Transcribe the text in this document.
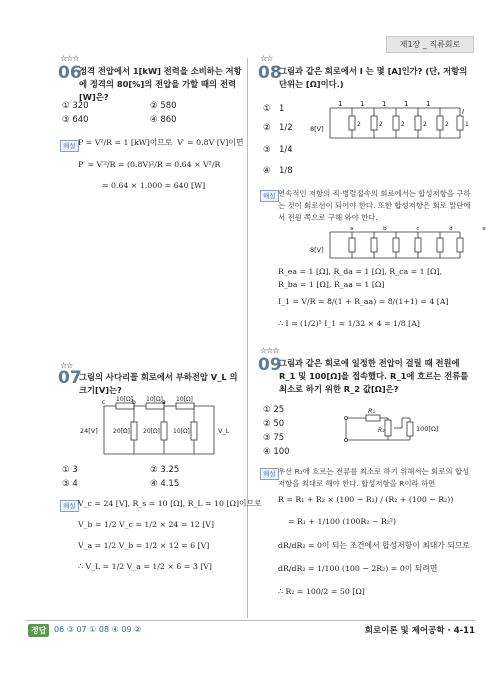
제1장 _ 직류회로
☆☆☆
06
정격 전압에서 1[kW] 전력을 소비하는 저항에 정격의 80[%]의 전압을 가할 때의 전력[W]은?
① 320	② 580
③ 640	④ 860
해설 P = V²/R = 1 [kW]이므로  V′ = 0.8V [V]이면
P′ = V′²/R = (0.8V)²/R = 0.64 × V²/R
= 0.64 × 1,000 = 640 [W]
☆☆
07
그림의 사다리꼴 회로에서 부하전압 V_L 의 크기[V]는?
c	b	a
10[Ω] 10[Ω] 10[Ω]
24[V]	20[Ω] 20[Ω] 10[Ω]	V_L
① 3	② 3.25
③ 4	④ 4.15
해설 V_c = 24 [V], R_s = 10 [Ω], R_L = 10 [Ω]이므로
V_b = 1/2 V_c = 1/2 × 24 = 12 [V]
V_a = 1/2 V_b = 1/2 × 12 = 6 [V]
∴ V_L = 1/2 V_a = 1/2 × 6 = 3 [V]
☆☆
08
그림과 같은 회로에서 I 는 몇 [A]인가? (단, 저항의 단위는 [Ω]이다.)
① 1
② 1/2
③ 1/4
④ 1/8
8[V]
1	1	1	1	1
2	2	2	2	2	1
I
해설 연속적인 저항의 직·병렬접속의 회로에서는 합성저항을 구하는 것이 회로선이 되어야 한다. 또한 합성저항은 회로 말단에서 전원 쪽으로 구해 와야 한다.
8[V]
a b c d e
R_ea = 1 [Ω], R_da = 1 [Ω], R_ca = 1 [Ω],
R_ba = 1 [Ω], R_aa = 1 [Ω]
I_1 = V/R = 8/(1 + R_aa) = 8/(1+1) = 4 [A]
∴ I = (1/2)⁵ I_1 = 1/32 × 4 = 1/8 [A]
☆☆☆
09
그림과 같은 회로에 일정한 전압이 걸릴 때 전원에 R_1 및 100[Ω]을 접속했다. R_1에 흐르는 전류를 최소로 하기 위한 R_2 값[Ω]은?
① 25
② 50
③ 75
④ 100
R₁
R₂	100[Ω]
해설 우선 R₁에 흐르는 전류를 최소로 하기 위해서는 회로의 합성저항을 최대로 해야 한다. 합성저항을 R이라 하면
R = R₁ + R₂ × (100 − R₂) / (R₂ + (100 − R₂))
= R₁ + 1/100 (100R₂ − R₂²)
dR/dR₂ = 0이 되는 조건에서 합성저항이 최대가 되므로
dR/dR₂ = 1/100 (100 − 2R₂) = 0이 되려면
∴ R₂ = 100/2 = 50 [Ω]
정답 06 ③ 07 ① 08 ④ 09 ②	회로이론 및 제어공학 · 4-11
